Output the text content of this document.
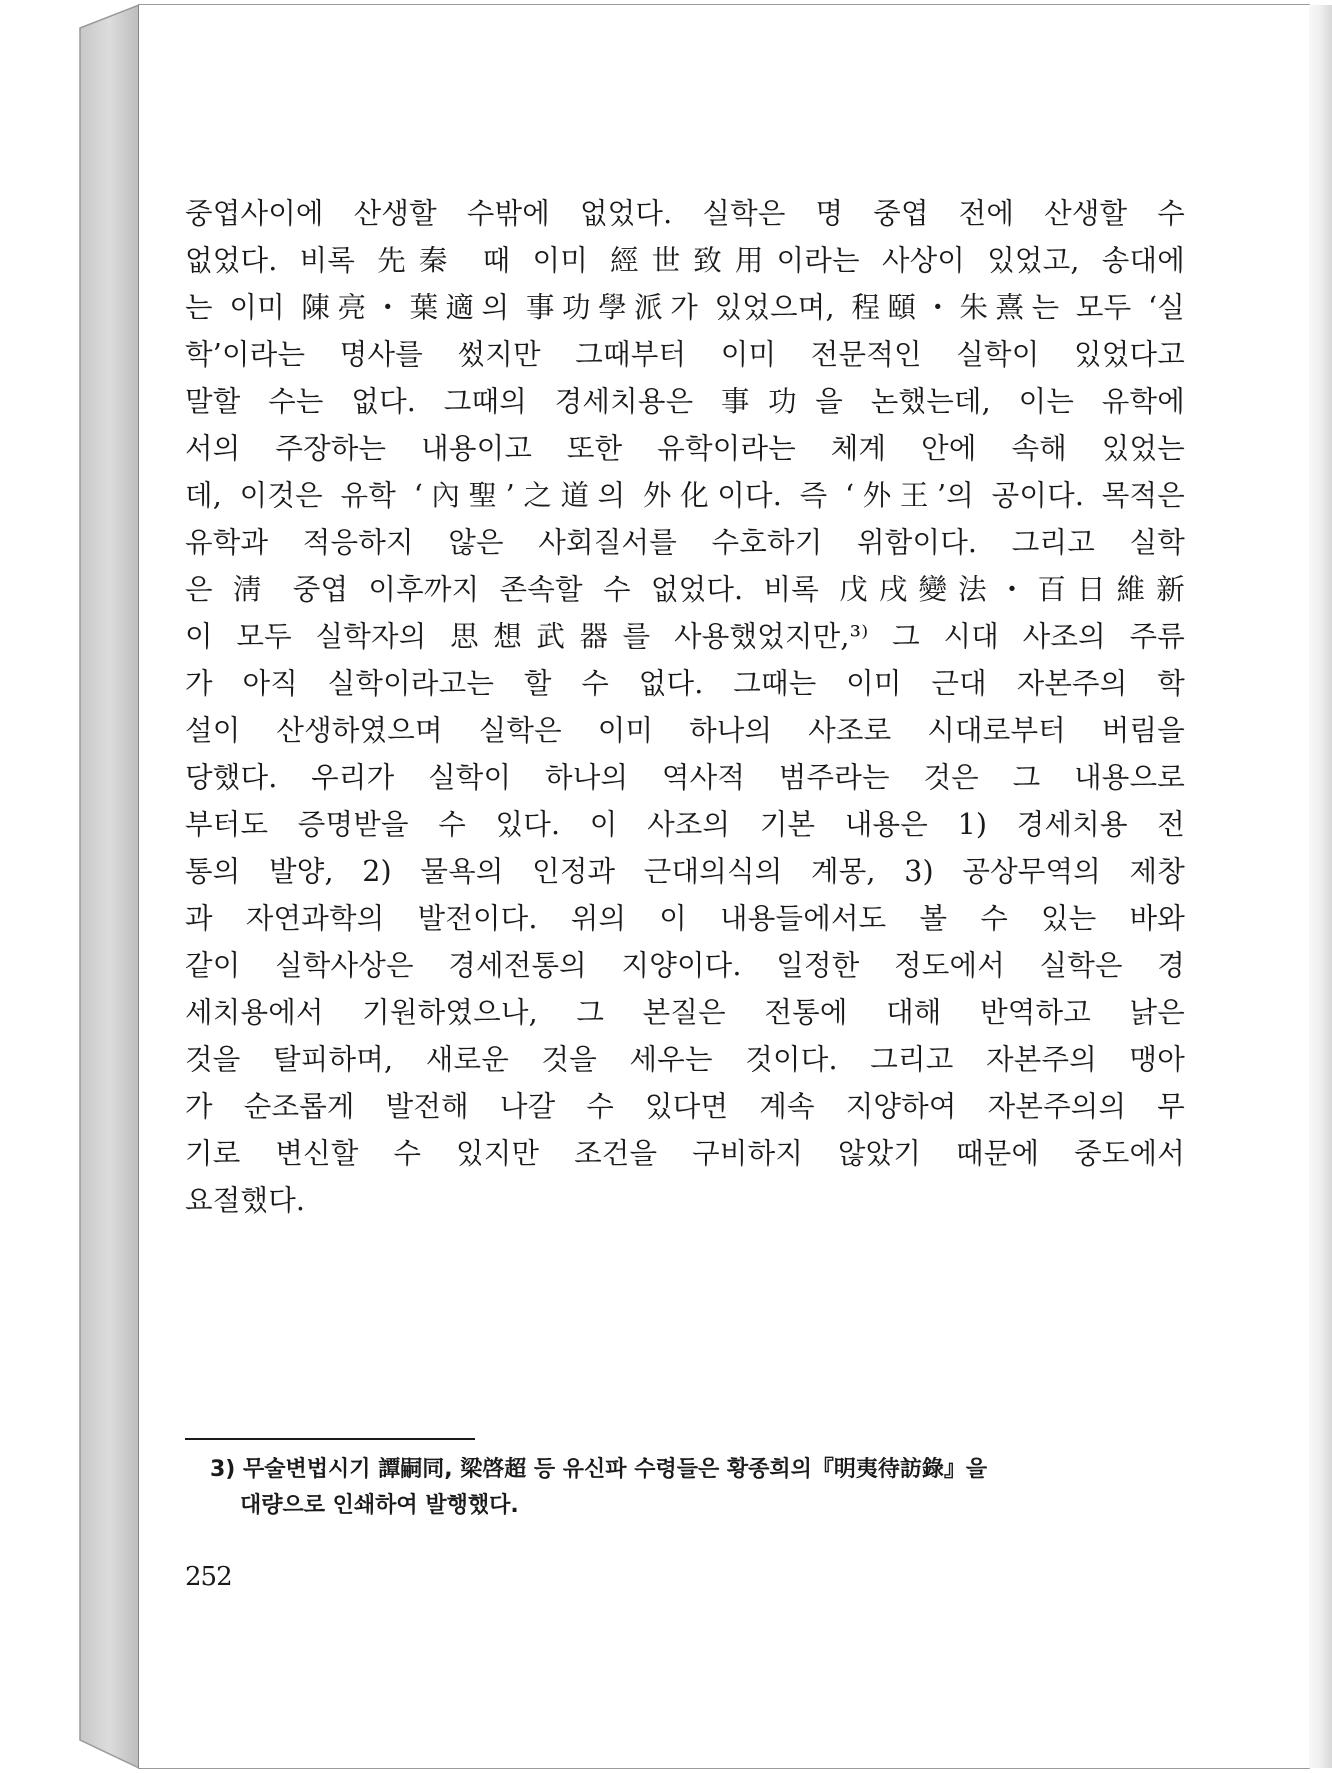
중엽사이에 산생할 수밖에 없었다. 실학은 명 중엽 전에 산생할 수
없었다. 비록 先秦 때 이미 經世致用이라는 사상이 있었고, 송대에
는 이미 陳亮・葉適의 事功學派가 있었으며, 程頤・朱熹는 모두 ‘실
학’이라는 명사를 썼지만 그때부터 이미 전문적인 실학이 있었다고
말할 수는 없다. 그때의 경세치용은 事功을 논했는데, 이는 유학에
서의 주장하는 내용이고 또한 유학이라는 체계 안에 속해 있었는
데, 이것은 유학 ‘內聖’之道의 外化이다. 즉 ‘外王’의 공이다. 목적은
유학과 적응하지 않은 사회질서를 수호하기 위함이다. 그리고 실학
은 淸 중엽 이후까지 존속할 수 없었다. 비록 戊戌變法・百日維新
이 모두 실학자의 思想武器를 사용했었지만,³⁾ 그 시대 사조의 주류
가 아직 실학이라고는 할 수 없다. 그때는 이미 근대 자본주의 학
설이 산생하였으며 실학은 이미 하나의 사조로 시대로부터 버림을
당했다. 우리가 실학이 하나의 역사적 범주라는 것은 그 내용으로
부터도 증명받을 수 있다. 이 사조의 기본 내용은 1) 경세치용 전
통의 발양, 2) 물욕의 인정과 근대의식의 계몽, 3) 공상무역의 제창
과 자연과학의 발전이다. 위의 이 내용들에서도 볼 수 있는 바와
같이 실학사상은 경세전통의 지양이다. 일정한 정도에서 실학은 경
세치용에서 기원하였으나, 그 본질은 전통에 대해 반역하고 낡은
것을 탈피하며, 새로운 것을 세우는 것이다. 그리고 자본주의 맹아
가 순조롭게 발전해 나갈 수 있다면 계속 지양하여 자본주의의 무
기로 변신할 수 있지만 조건을 구비하지 않았기 때문에 중도에서
요절했다.
3) 무술변법시기 譚嗣同, 梁啓超 등 유신파 수령들은 황종희의『明夷待訪錄』을
대량으로 인쇄하여 발행했다.
252
